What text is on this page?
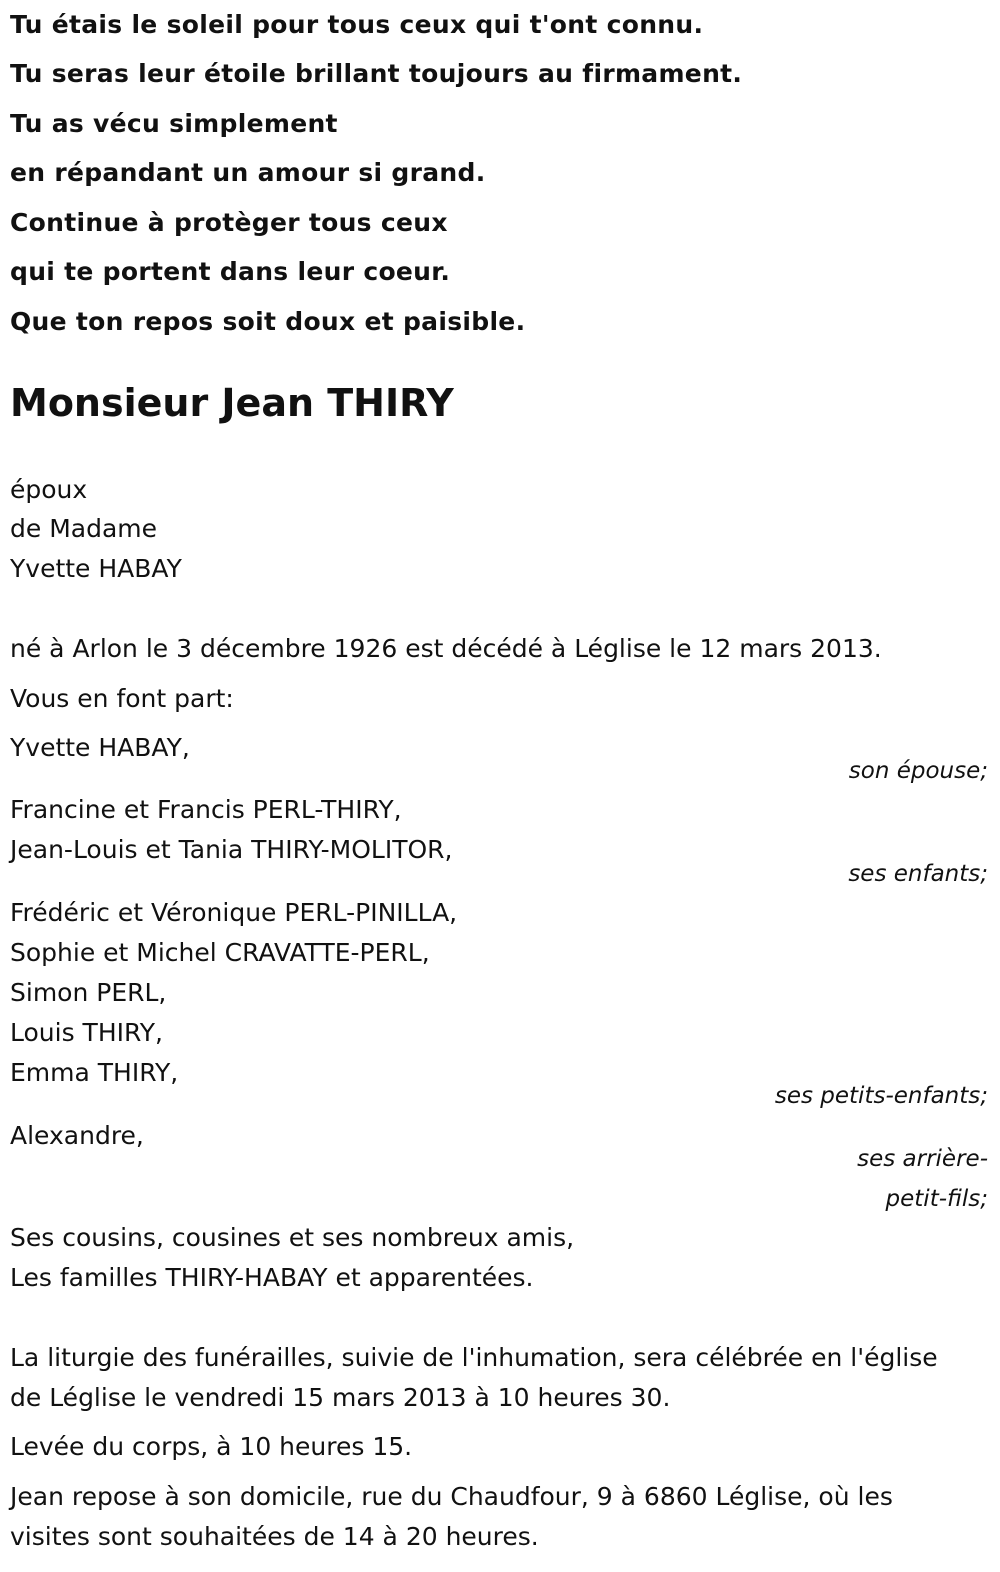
Tu étais le soleil pour tous ceux qui t'ont connu.
Tu seras leur étoile brillant toujours au firmament.
Tu as vécu simplement
en répandant un amour si grand.
Continue à protèger tous ceux
qui te portent dans leur coeur.
Que ton repos soit doux et paisible.
Monsieur Jean THIRY
époux
de Madame
Yvette HABAY
né à Arlon le 3 décembre 1926 est décédé à Léglise le 12 mars 2013.
Vous en font part:
Yvette HABAY,
son épouse;
Francine et Francis PERL-THIRY,
Jean-Louis et Tania THIRY-MOLITOR,
ses enfants;
Frédéric et Véronique PERL-PINILLA,
Sophie et Michel CRAVATTE-PERL,
Simon PERL,
Louis THIRY,
Emma THIRY,
ses petits-enfants;
Alexandre,
ses arrière-
petit-fils;
Ses cousins, cousines et ses nombreux amis,
Les familles THIRY-HABAY et apparentées.
La liturgie des funérailles, suivie de l'inhumation, sera célébrée en l'église
de Léglise le vendredi 15 mars 2013 à 10 heures 30.
Levée du corps, à 10 heures 15.
Jean repose à son domicile, rue du Chaudfour, 9 à 6860 Léglise, où les
visites sont souhaitées de 14 à 20 heures.
